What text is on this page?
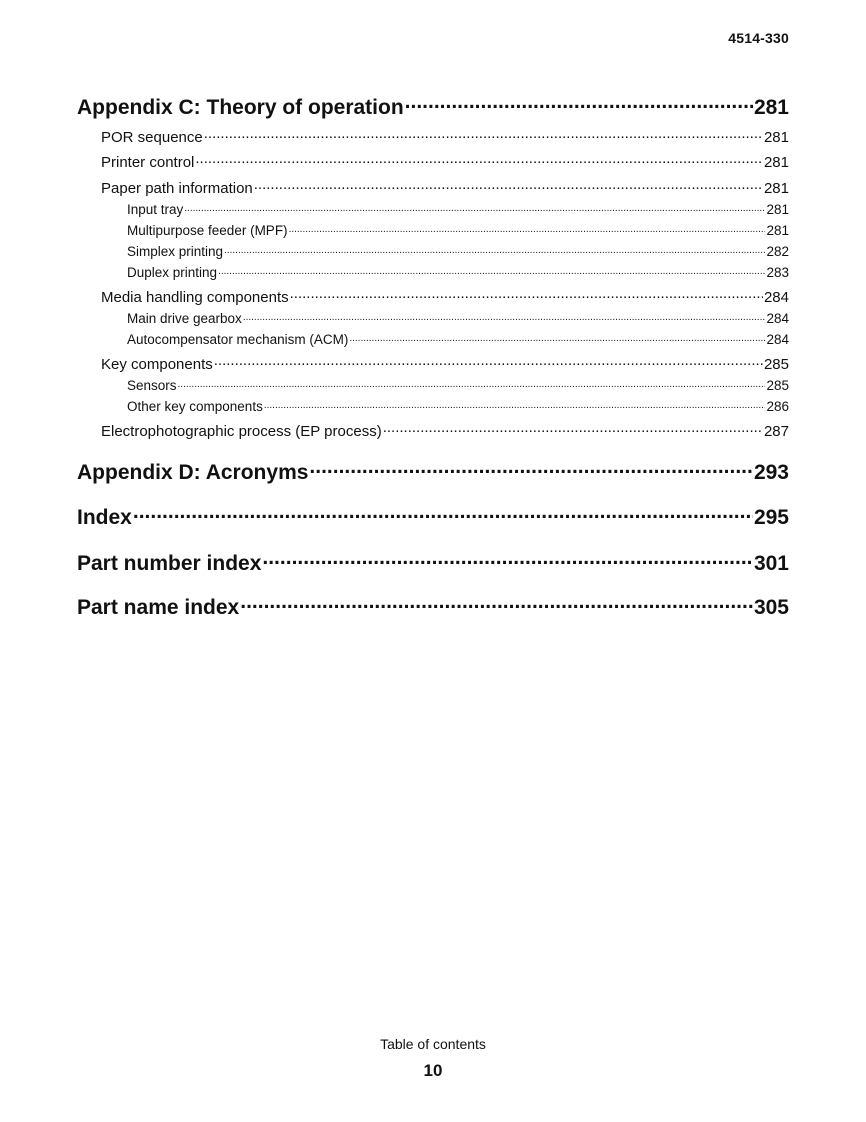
4514-330
Appendix C: Theory of operation .....	281
POR sequence .....	281
Printer control .....	281
Paper path information .....	281
Input tray .....	281
Multipurpose feeder (MPF) .....	281
Simplex printing .....	282
Duplex printing .....	283
Media handling components .....	284
Main drive gearbox .....	284
Autocompensator mechanism (ACM) .....	284
Key components .....	285
Sensors .....	285
Other key components .....	286
Electrophotographic process (EP process) .....	287
Appendix D: Acronyms .....	293
Index .....	295
Part number index .....	301
Part name index .....	305
Table of contents
10
